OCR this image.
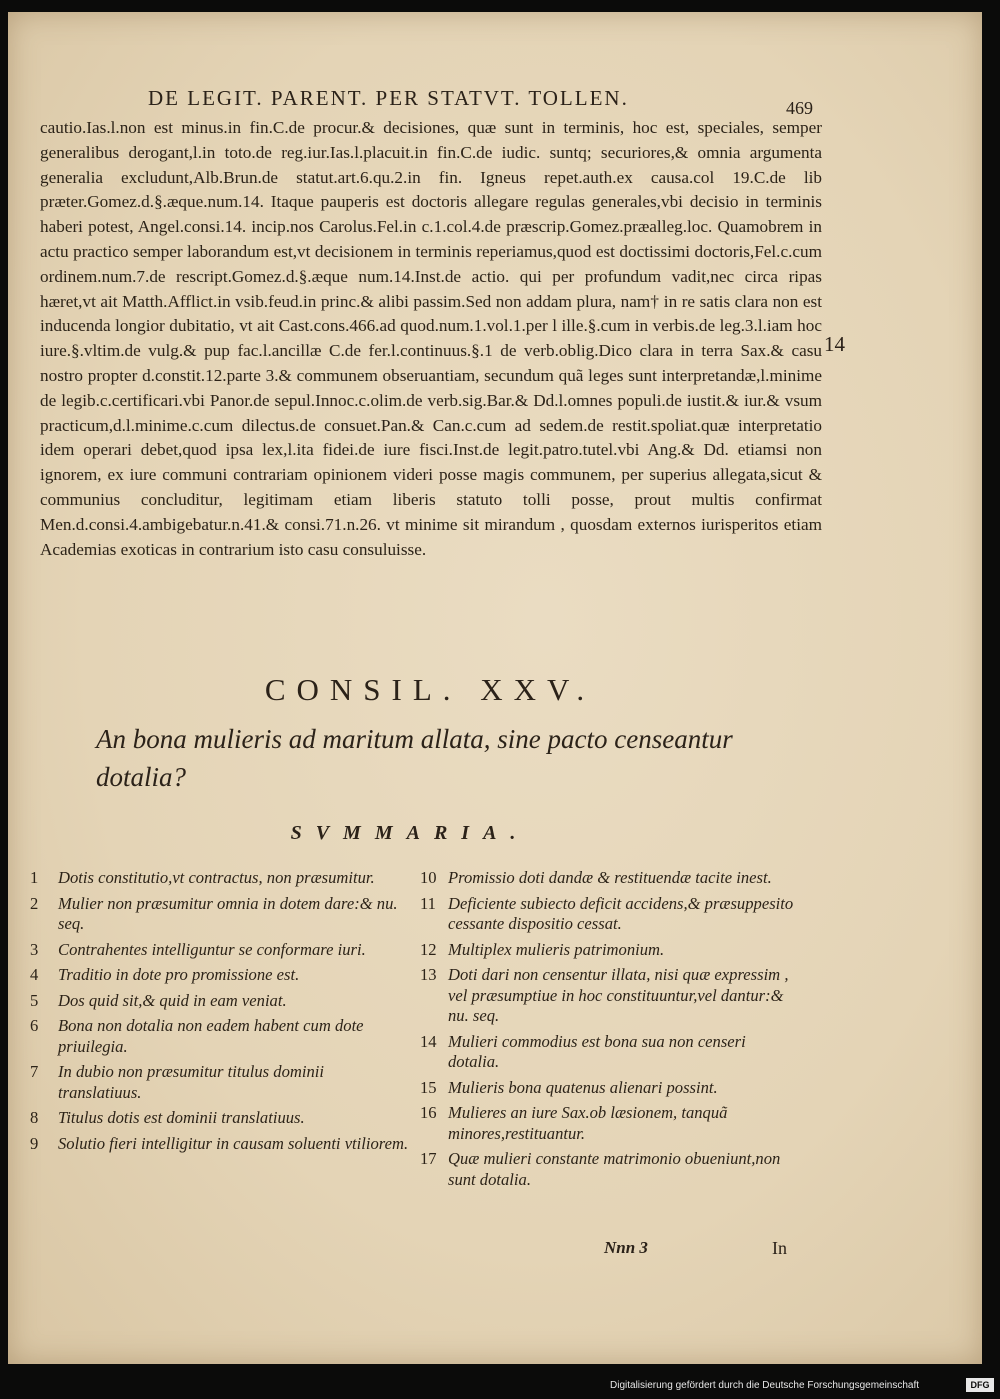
DE LEGIT. PARENT. PER STATVT. TOLLEN.	469

cautio.Ias.l.non est minus.in fin.C.de procur.& decisiones, quæ sunt in terminis, hoc est, speciales, semper generalibus derogant,l.in toto.de reg.iur.Ias.l.placuit.in fin.C.de iudic. suntq; securiores,& omnia argumenta generalia excludunt,Alb.Brun.de statut.art.6.qu.2.in fin. Igneus repet.auth.ex causa.col 19.C.de lib præter.Gomez.d.§.æque.num.14. Itaque pauperis est doctoris allegare regulas generales,vbi decisio in terminis haberi potest, Angel.consi.14. incip.nos Carolus.Fel.in c.1.col.4.de præscrip.Gomez.præalleg.loc. Quamobrem in actu practico semper laborandum est,vt decisionem in terminis reperiamus,quod est doctissimi doctoris,Fel.c.cum ordinem.num.7.de rescript.Gomez.d.§.æque num.14.Inst.de actio. qui per profundum vadit,nec circa ripas hæret,vt ait Matth.Afflict.in vsib.feud.in princ.& alibi passim.Sed non addam plura, nam† in re satis clara non est inducenda longior dubitatio, vt ait Cast.cons.466.ad quod.num.1.vol.1.per l ille.§.cum in verbis.de leg.3.l.iam hoc iure.§.vltim.de vulg.& pup fac.l.ancillæ C.de fer.l.continuus.§.1 de verb.oblig.Dico clara in terra Sax.& casu nostro propter d.constit.12.parte 3.& communem obseruantiam, secundum quã leges sunt interpretandæ,l.minime de legib.c.certificari.vbi Panor.de sepul.Innoc.c.olim.de verb.sig.Bar.& Dd.l.omnes populi.de iustit.& iur.& vsum practicum,d.l.minime.c.cum dilectus.de consuet.Pan.& Can.c.cum ad sedem.de restit.spoliat.quæ interpretatio idem operari debet,quod ipsa lex,l.ita fidei.de iure fisci.Inst.de legit.patro.tutel.vbi Ang.& Dd. etiamsi non ignorem, ex iure communi contrariam opinionem videri posse magis communem, per superius allegata,sicut & communius concluditur, legitimam etiam liberis statuto tolli posse, prout multis confirmat Men.d.consi.4.ambigebatur.n.41.& consi.71.n.26. vt minime sit mirandum , quosdam externos iurisperitos etiam Academias exoticas in contrarium isto casu consuluisse.

14
CONSIL. XXV.
An bona mulieris ad maritum allata, sine pacto censeantur dotalia?
SVMMARIA.
1 Dotis constitutio,vt contractus, non præsumitur.
2 Mulier non præsumitur omnia in dotem dare:& nu. seq.
3 Contrahentes intelliguntur se conformare iuri.
4 Traditio in dote pro promissione est.
5 Dos quid sit,& quid in eam veniat.
6 Bona non dotalia non eadem habent cum dote priuilegia.
7 In dubio non præsumitur titulus dominii translatiuus.
8 Titulus dotis est dominii translatiuus.
9 Solutio fieri intelligitur in causam soluenti vtiliorem.
10 Promissio doti dandæ & restituendæ tacite inest.
11 Deficiente subiecto deficit accidens,& præsuppesito cessante dispositio cessat.
12 Multiplex mulieris patrimonium.
13 Doti dari non censentur illata, nisi quæ expressim , vel præsumptiue in hoc constituuntur,vel dantur:& nu. seq.
14 Mulieri commodius est bona sua non censeri dotalia.
15 Mulieris bona quatenus alienari possint.
16 Mulieres an iure Sax.ob læsionem, tanquã minores,restituantur.
17 Quæ mulieri constante matrimonio obueniunt,non sunt dotalia.
Nnn 3	In
Digitalisierung gefördert durch die Deutsche Forschungsgemeinschaft	DFG
